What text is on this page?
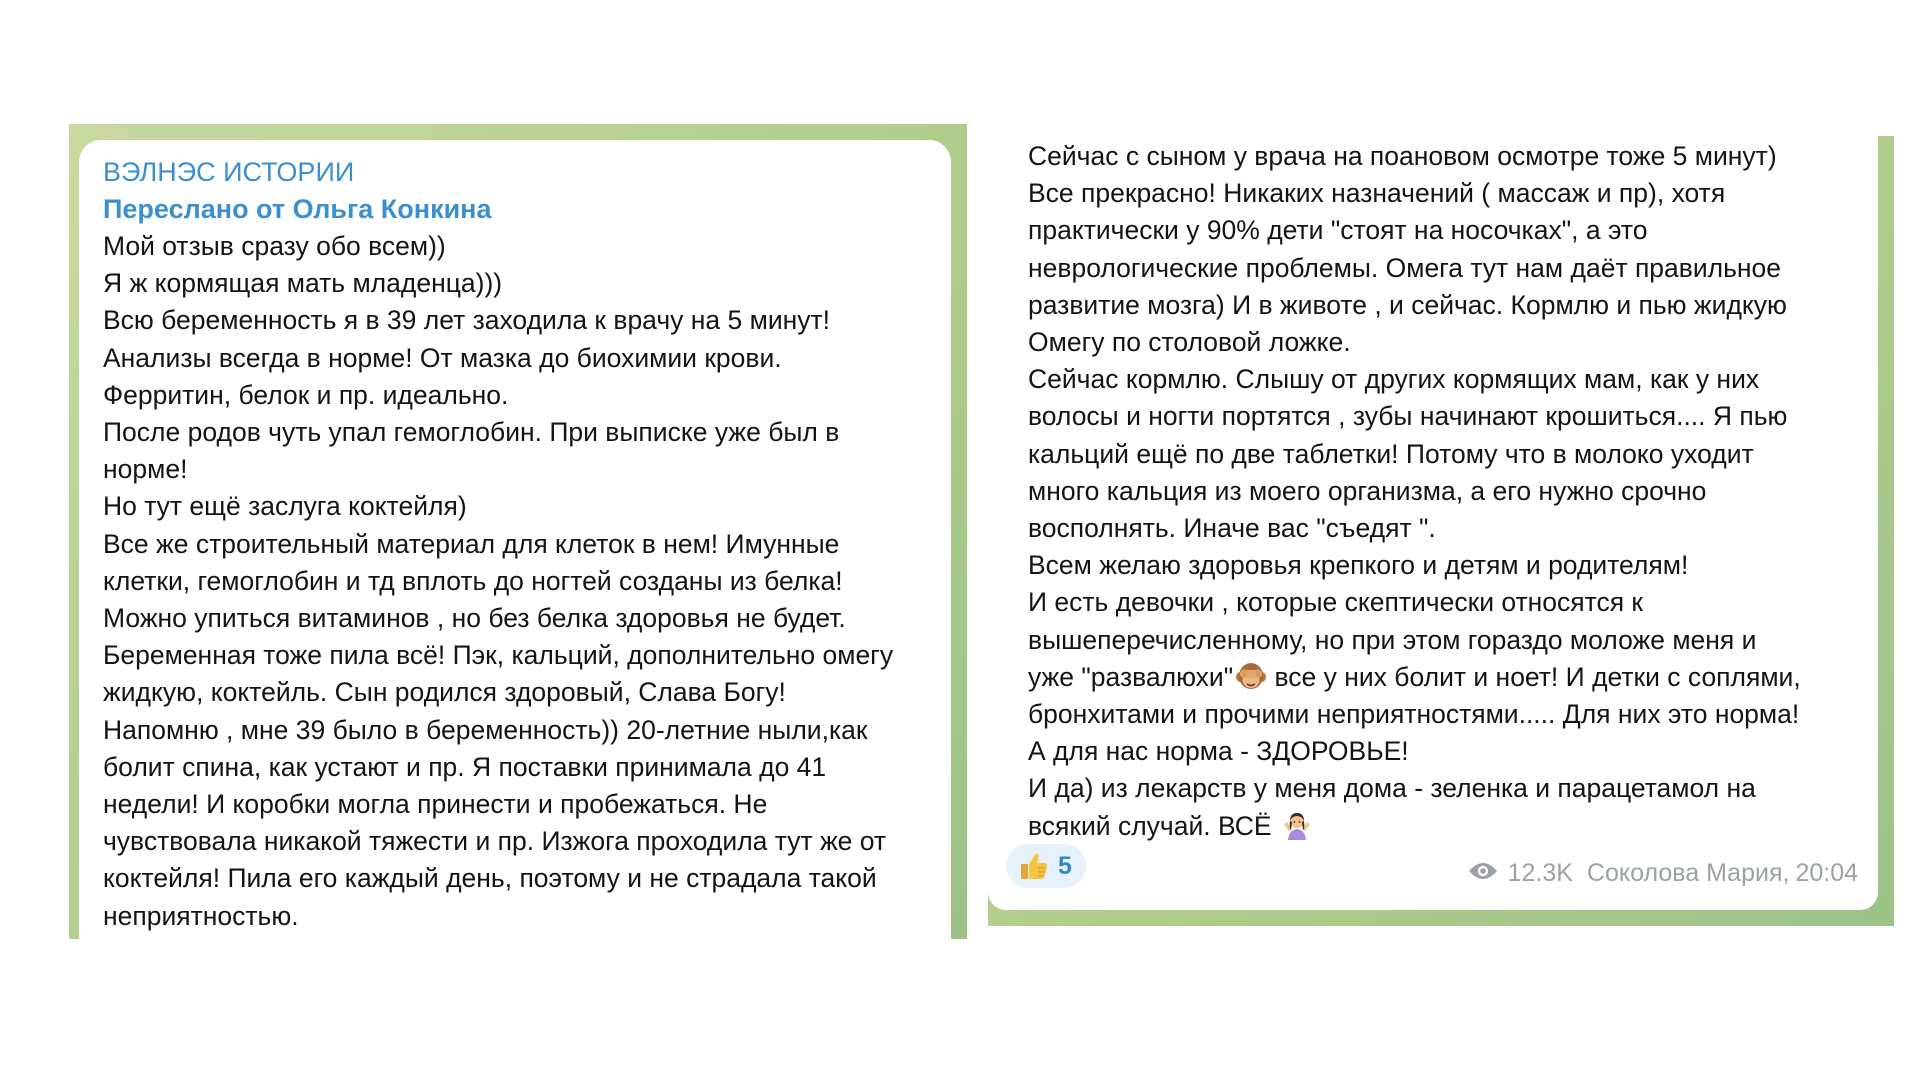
ВЭЛНЭС ИСТОРИИ
Переслано от Ольга Конкина
Мой отзыв сразу обо всем))
Я ж кормящая мать младенца)))
Всю беременность я в 39 лет заходила к врачу на 5 минут!
Анализы всегда в норме! От мазка до биохимии крови.
Ферритин, белок и пр. идеально.
После родов чуть упал гемоглобин. При выписке уже был в
норме!
Но тут ещё заслуга коктейля)
Все же строительный материал для клеток в нем! Имунные
клетки, гемоглобин и тд вплоть до ногтей созданы из белка!
Можно упиться витаминов , но без белка здоровья не будет.
Беременная тоже пила всё! Пэк, кальций, дополнительно омегу
жидкую, коктейль. Сын родился здоровый, Слава Богу!
Напомню , мне 39 было в беременность)) 20-летние ныли,как
болит спина, как устают и пр. Я поставки принимала до 41
недели! И коробки могла принести и пробежаться. Не
чувствовала никакой тяжести и пр. Изжога проходила тут же от
коктейля! Пила его каждый день, поэтому и не страдала такой
неприятностью.
Сейчас с сыном у врача на поановом осмотре тоже 5 минут)
Все прекрасно! Никаких назначений ( массаж и пр), хотя
практически у 90% дети "стоят на носочках", а это
неврологические проблемы. Омега тут нам даёт правильное
развитие мозга) И в животе , и сейчас. Кормлю и пью жидкую
Омегу по столовой ложке.
Сейчас кормлю. Слышу от других кормящих мам, как у них
волосы и ногти портятся , зубы начинают крошиться.... Я пью
кальций ещё по две таблетки! Потому что в молоко уходит
много кальция из моего организма, а его нужно срочно
восполнять. Иначе вас "съедят ".
Всем желаю здоровья крепкого и детям и родителям!
И есть девочки , которые скептически относятся к
вышеперечисленному, но при этом гораздо моложе меня и
уже "развалюхи" все у них болит и ноет! И детки с соплями,
бронхитами и прочими неприятностями..... Для них это норма!
А для нас норма - ЗДОРОВЬЕ!
И да) из лекарств у меня дома - зеленка и парацетамол на
всякий случай. ВСЁ
5	12.3K Соколова Мария, 20:04
